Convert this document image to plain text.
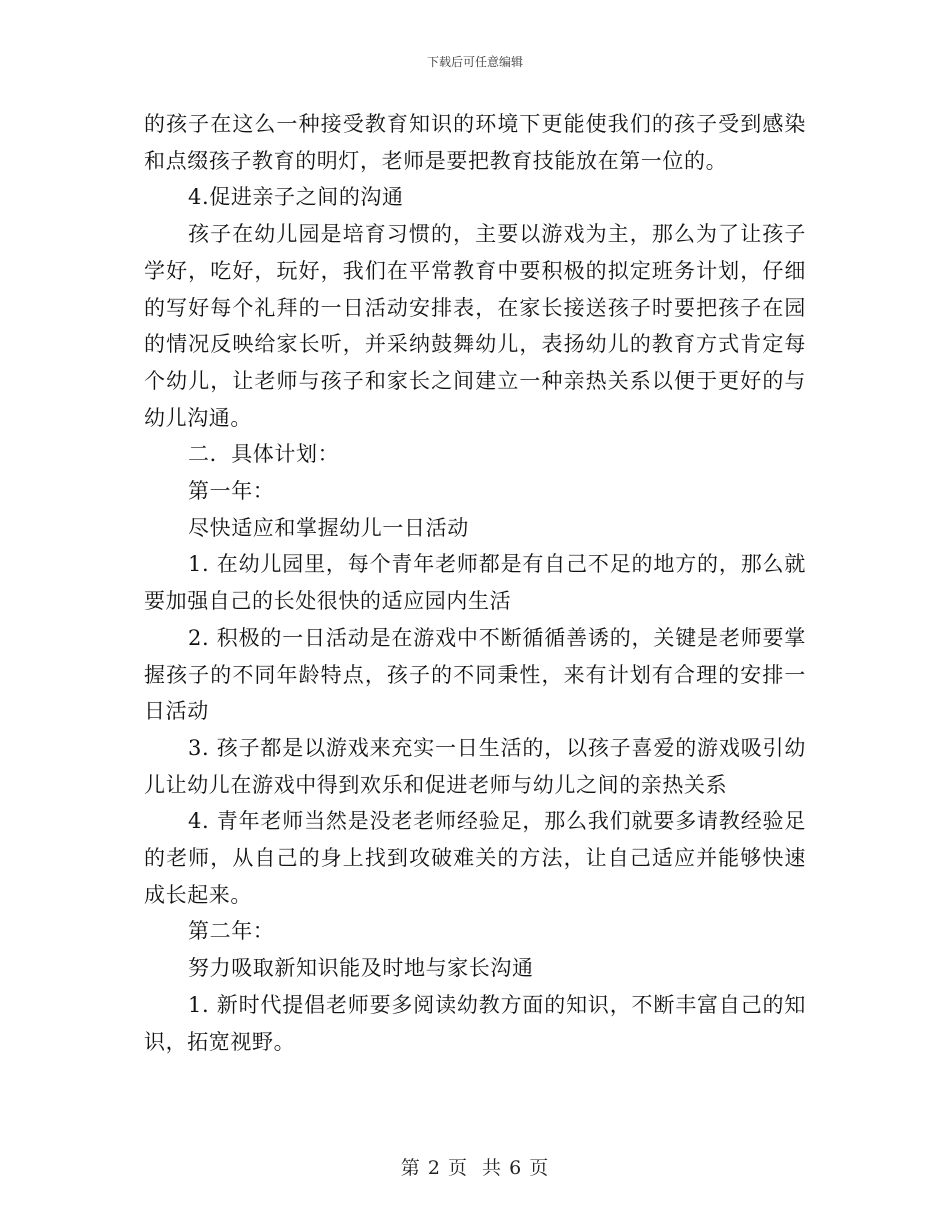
下载后可任意编辑

的孩子在这么一种接受教育知识的环境下更能使我们的孩子受到感染和点缀孩子教育的明灯，老师是要把教育技能放在第一位的。

4.促进亲子之间的沟通

孩子在幼儿园是培育习惯的，主要以游戏为主，那么为了让孩子学好，吃好，玩好，我们在平常教育中要积极的拟定班务计划，仔细的写好每个礼拜的一日活动安排表，在家长接送孩子时要把孩子在园的情况反映给家长听，并采纳鼓舞幼儿，表扬幼儿的教育方式肯定每个幼儿，让老师与孩子和家长之间建立一种亲热关系以便于更好的与幼儿沟通。

二．具体计划：

第一年：

尽快适应和掌握幼儿一日活动

1. 在幼儿园里，每个青年老师都是有自己不足的地方的，那么就要加强自己的长处很快的适应园内生活

2. 积极的一日活动是在游戏中不断循循善诱的，关键是老师要掌握孩子的不同年龄特点，孩子的不同秉性，来有计划有合理的安排一日活动

3. 孩子都是以游戏来充实一日生活的，以孩子喜爱的游戏吸引幼儿让幼儿在游戏中得到欢乐和促进老师与幼儿之间的亲热关系

4. 青年老师当然是没老老师经验足，那么我们就要多请教经验足的老师，从自己的身上找到攻破难关的方法，让自己适应并能够快速成长起来。

第二年：

努力吸取新知识能及时地与家长沟通

1. 新时代提倡老师要多阅读幼教方面的知识，不断丰富自己的知识，拓宽视野。

第 2 页  共 6 页
